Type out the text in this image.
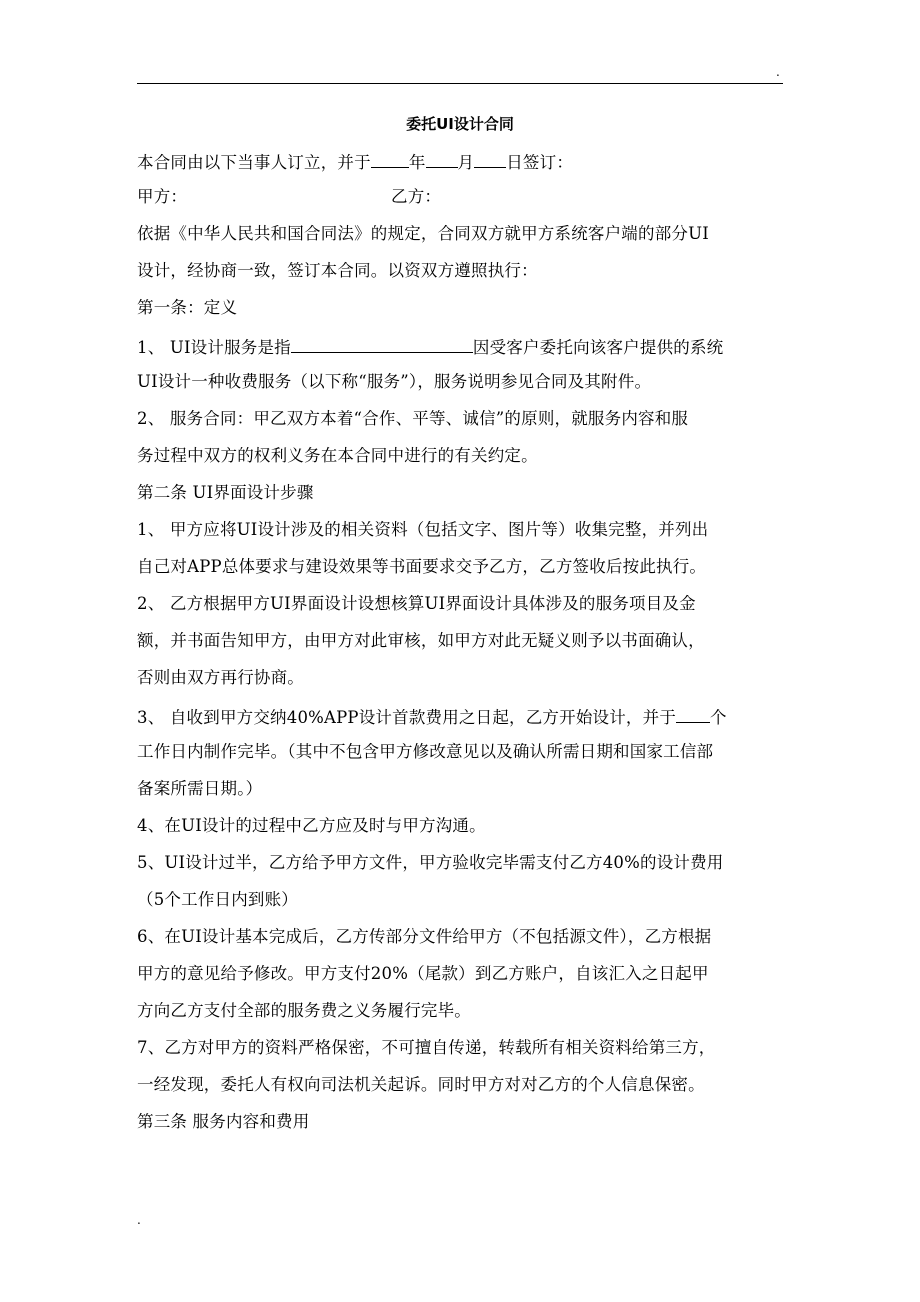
.
委托UI设计合同
本合同由以下当事人订立，并于 年 月 日签订：
甲方：	乙方：
依据《中华人民共和国合同法》的规定，合同双方就甲方系统客户端的部分UI
设计，经协商一致，签订本合同。以资双方遵照执行：
第一条：定义
1、 UI设计服务是指	因受客户委托向该客户提供的系统
UI设计一种收费服务（以下称“服务”），服务说明参见合同及其附件。
2、 服务合同：甲乙双方本着“合作、平等、诚信”的原则，就服务内容和服
务过程中双方的权利义务在本合同中进行的有关约定。
第二条 UI界面设计步骤
1、 甲方应将UI设计涉及的相关资料（包括文字、图片等）收集完整，并列出
自己对APP总体要求与建设效果等书面要求交予乙方，乙方签收后按此执行。
2、 乙方根据甲方UI界面设计设想核算UI界面设计具体涉及的服务项目及金
额，并书面告知甲方，由甲方对此审核，如甲方对此无疑义则予以书面确认，
否则由双方再行协商。
3、 自收到甲方交纳40%APP设计首款费用之日起，乙方开始设计，并于 个
工作日内制作完毕。（其中不包含甲方修改意见以及确认所需日期和国家工信部
备案所需日期。）
4、在UI设计的过程中乙方应及时与甲方沟通。
5、UI设计过半，乙方给予甲方文件，甲方验收完毕需支付乙方40%的设计费用
（5个工作日内到账）
6、在UI设计基本完成后，乙方传部分文件给甲方（不包括源文件），乙方根据
甲方的意见给予修改。甲方支付20%（尾款）到乙方账户，自该汇入之日起甲
方向乙方支付全部的服务费之义务履行完毕。
7、乙方对甲方的资料严格保密，不可擅自传递，转载所有相关资料给第三方，
一经发现，委托人有权向司法机关起诉。同时甲方对对乙方的个人信息保密。
第三条 服务内容和费用
.
